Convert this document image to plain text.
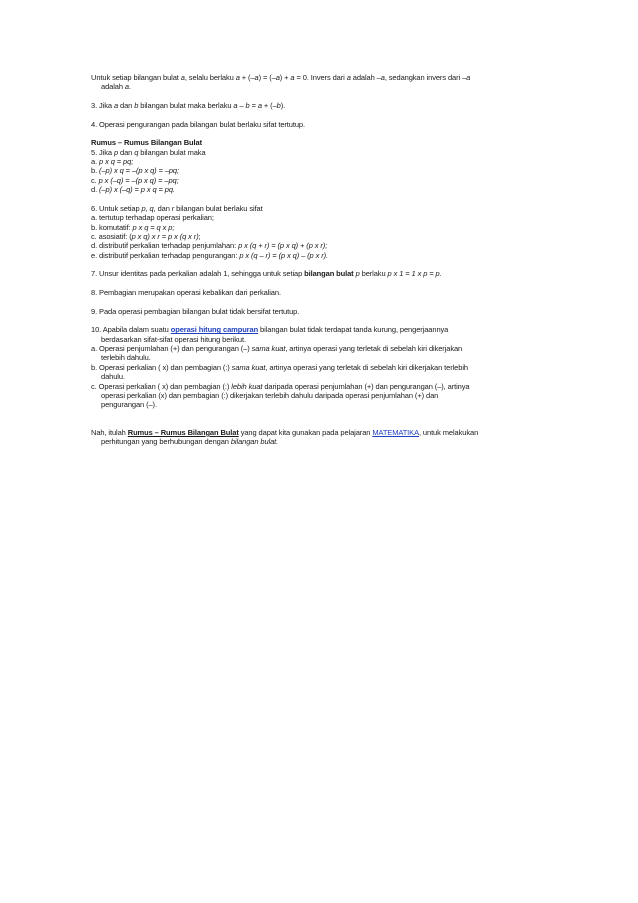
Untuk setiap bilangan bulat a, selalu berlaku a + (–a) = (–a) + a = 0. Invers dari a adalah –a, sedangkan invers dari –a
adalah a.
3. Jika a dan b bilangan bulat maka berlaku a – b = a + (–b).
4. Operasi pengurangan pada bilangan bulat berlaku sifat tertutup.
Rumus – Rumus Bilangan Bulat
5. Jika p dan q bilangan bulat maka
a. p x q = pq;
b. (–p) x q = –(p x q) = –pq;
c. p x (–q) = –(p x q) = –pq;
d. (–p) x (–q) = p x q = pq.
6. Untuk setiap p, q, dan r bilangan bulat berlaku sifat
a. tertutup terhadap operasi perkalian;
b. komutatif: p x q = q x p;
c. asosiatif: (p x q) x r = p x (q x r);
d. distributif perkalian terhadap penjumlahan: p x (q + r) = (p x q) + (p x r);
e. distributif perkalian terhadap pengurangan: p x (q – r) = (p x q) – (p x r).
7. Unsur identitas pada perkalian adalah 1, sehingga untuk setiap bilangan bulat p berlaku p x 1 = 1 x p = p.
8. Pembagian merupakan operasi kebalikan dari perkalian.
9. Pada operasi pembagian bilangan bulat tidak bersifat tertutup.
10. Apabila dalam suatu operasi hitung campuran bilangan bulat tidak terdapat tanda kurung, pengerjaannya
berdasarkan sifat-sifat operasi hitung berikut.
a. Operasi penjumlahan (+) dan pengurangan (–) sama kuat, artinya operasi yang terletak di sebelah kiri dikerjakan
terlebih dahulu.
b. Operasi perkalian ( x) dan pembagian (:) sama kuat, artinya operasi yang terletak di sebelah kiri dikerjakan terlebih
dahulu.
c. Operasi perkalian ( x) dan pembagian (:) lebih kuat daripada operasi penjumlahan (+) dan pengurangan (–), artinya
operasi perkalian (x) dan pembagian (:) dikerjakan terlebih dahulu daripada operasi penjumlahan (+) dan
pengurangan (–).
Nah, itulah Rumus – Rumus Bilangan Bulat yang dapat kita gunakan pada pelajaran MATEMATIKA, untuk melakukan
perhitungan yang berhubungan dengan bilangan bulat.
